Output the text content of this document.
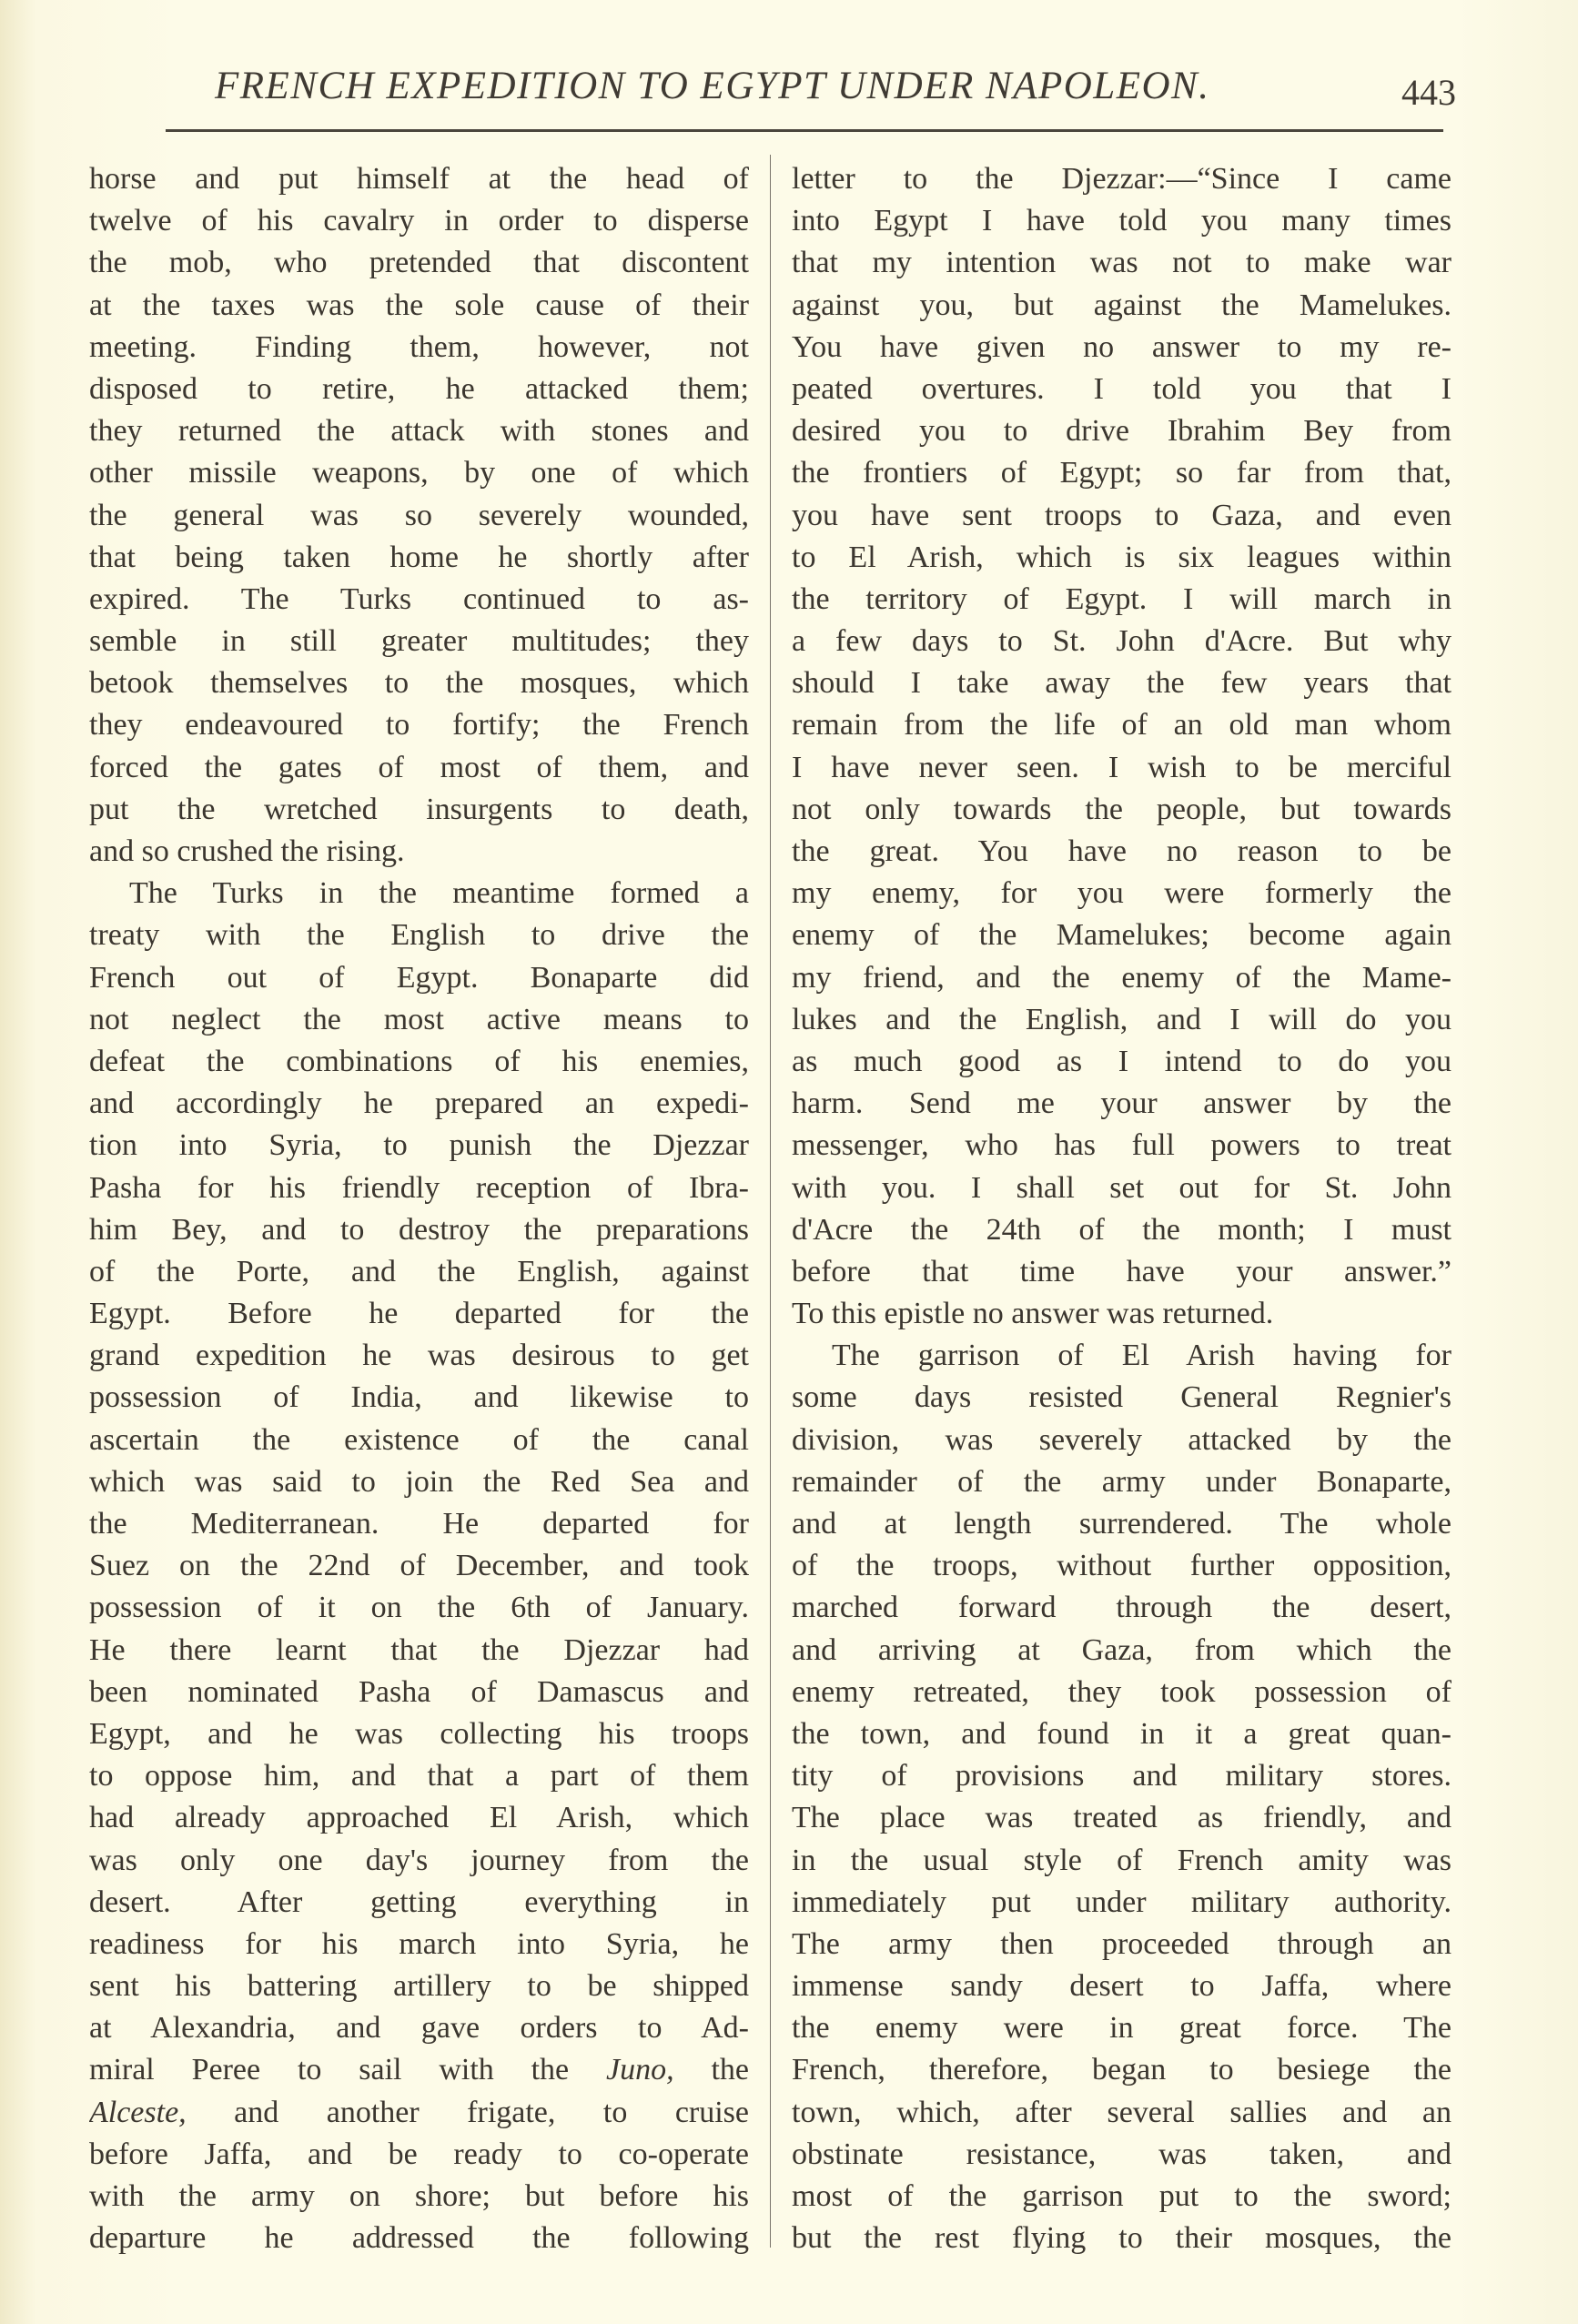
FRENCH EXPEDITION TO EGYPT UNDER NAPOLEON.	443
horse and put himself at the head of
twelve of his cavalry in order to disperse
the mob, who pretended that discontent
at the taxes was the sole cause of their
meeting. Finding them, however, not
disposed to retire, he attacked them;
they returned the attack with stones and
other missile weapons, by one of which
the general was so severely wounded,
that being taken home he shortly after
expired. The Turks continued to as-
semble in still greater multitudes; they
betook themselves to the mosques, which
they endeavoured to fortify; the French
forced the gates of most of them, and
put the wretched insurgents to death,
and so crushed the rising.
The Turks in the meantime formed a
treaty with the English to drive the
French out of Egypt. Bonaparte did
not neglect the most active means to
defeat the combinations of his enemies,
and accordingly he prepared an expedi-
tion into Syria, to punish the Djezzar
Pasha for his friendly reception of Ibra-
him Bey, and to destroy the preparations
of the Porte, and the English, against
Egypt. Before he departed for the
grand expedition he was desirous to get
possession of India, and likewise to
ascertain the existence of the canal
which was said to join the Red Sea and
the Mediterranean. He departed for
Suez on the 22nd of December, and took
possession of it on the 6th of January.
He there learnt that the Djezzar had
been nominated Pasha of Damascus and
Egypt, and he was collecting his troops
to oppose him, and that a part of them
had already approached El Arish, which
was only one day's journey from the
desert. After getting everything in
readiness for his march into Syria, he
sent his battering artillery to be shipped
at Alexandria, and gave orders to Ad-
miral Peree to sail with the Juno, the
Alceste, and another frigate, to cruise
before Jaffa, and be ready to co-operate
with the army on shore; but before his
departure he addressed the following
letter to the Djezzar:—“Since I came
into Egypt I have told you many times
that my intention was not to make war
against you, but against the Mamelukes.
You have given no answer to my re-
peated overtures. I told you that I
desired you to drive Ibrahim Bey from
the frontiers of Egypt; so far from that,
you have sent troops to Gaza, and even
to El Arish, which is six leagues within
the territory of Egypt. I will march in
a few days to St. John d'Acre. But why
should I take away the few years that
remain from the life of an old man whom
I have never seen. I wish to be merciful
not only towards the people, but towards
the great. You have no reason to be
my enemy, for you were formerly the
enemy of the Mamelukes; become again
my friend, and the enemy of the Mame-
lukes and the English, and I will do you
as much good as I intend to do you
harm. Send me your answer by the
messenger, who has full powers to treat
with you. I shall set out for St. John
d'Acre the 24th of the month; I must
before that time have your answer.”
To this epistle no answer was returned.
The garrison of El Arish having for
some days resisted General Regnier's
division, was severely attacked by the
remainder of the army under Bonaparte,
and at length surrendered. The whole
of the troops, without further opposition,
marched forward through the desert,
and arriving at Gaza, from which the
enemy retreated, they took possession of
the town, and found in it a great quan-
tity of provisions and military stores.
The place was treated as friendly, and
in the usual style of French amity was
immediately put under military authority.
The army then proceeded through an
immense sandy desert to Jaffa, where
the enemy were in great force. The
French, therefore, began to besiege the
town, which, after several sallies and an
obstinate resistance, was taken, and
most of the garrison put to the sword;
but the rest flying to their mosques, the
